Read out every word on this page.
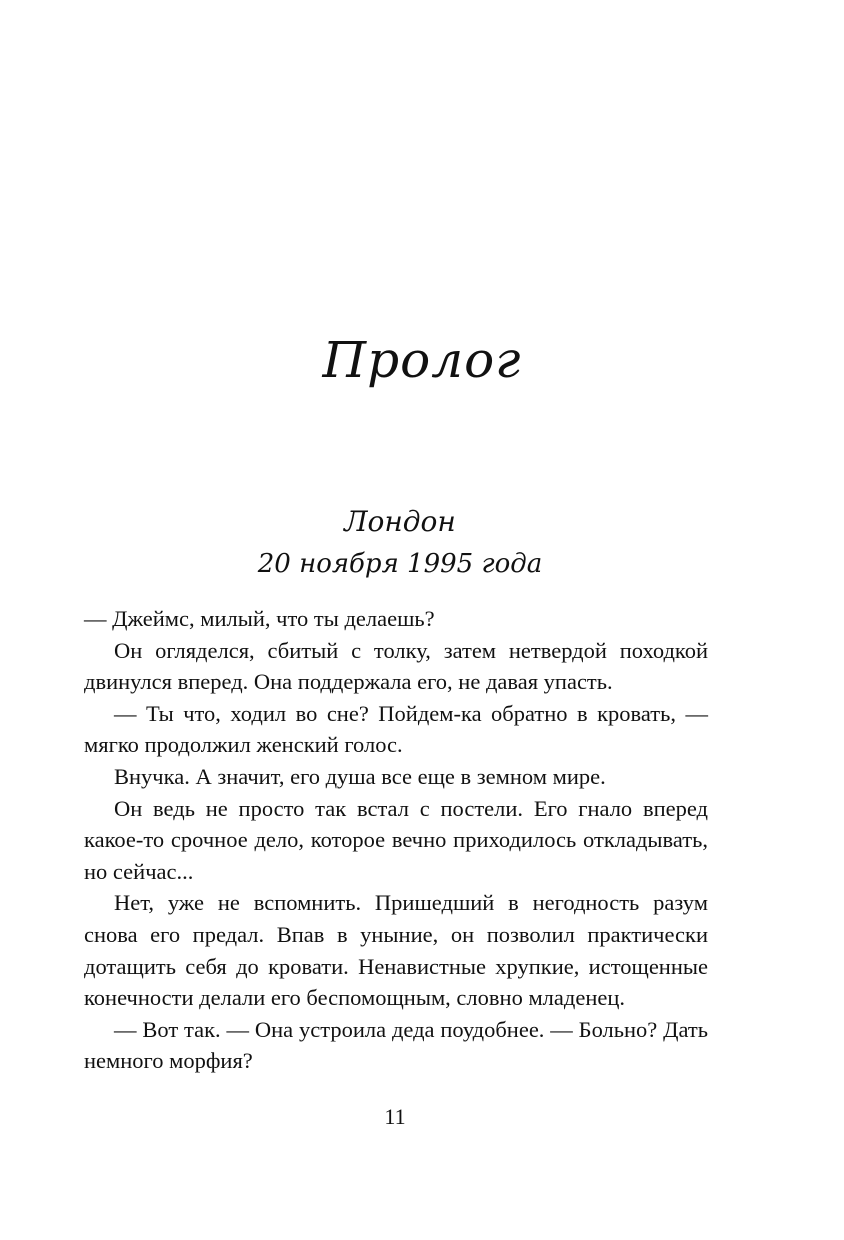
Пролог
Лондон
20 ноября 1995 года

— Джеймс, милый, что ты делаешь?

Он огляделся, сбитый с толку, затем нетвердой походкой двинулся вперед. Она поддержала его, не давая упасть.

— Ты что, ходил во сне? Пойдем-ка обратно в кровать, — мягко продолжил женский голос.

Внучка. А значит, его душа все еще в земном мире.

Он ведь не просто так встал с постели. Его гнало вперед какое-то срочное дело, которое вечно приходилось откладывать, но сейчас...

Нет, уже не вспомнить. Пришедший в негодность разум снова его предал. Впав в уныние, он позволил практически дотащить себя до кровати. Ненавистные хрупкие, истощенные конечности делали его беспомощным, словно младенец.

— Вот так. — Она устроила деда поудобнее. — Больно? Дать немного морфия?

11
